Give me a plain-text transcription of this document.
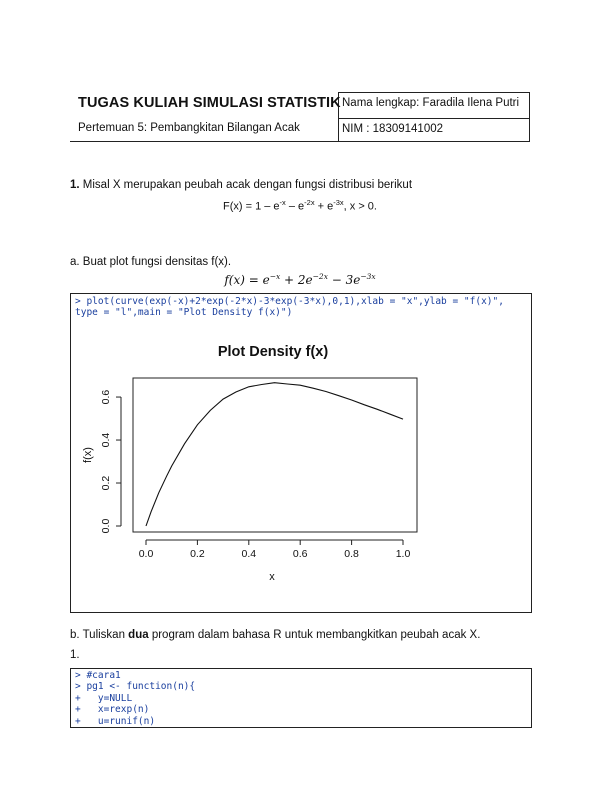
TUGAS KULIAH SIMULASI STATISTIK
Pertemuan 5: Pembangkitan Bilangan Acak
Nama lengkap: Faradila Ilena Putri
NIM : 18309141002
1. Misal X merupakan peubah acak dengan fungsi distribusi berikut
$F(x) = 1 - e^{-x} - e^{-2x} + e^{-3x}$, x > 0.
a. Buat plot fungsi densitas f(x).
$f(x) = e^{-x} + 2e^{-2x} - 3e^{-3x}$
> plot(curve(exp(-x)+2*exp(-2*x)-3*exp(-3*x),0,1),xlab = "x",ylab = "f(x)",
type = "l",main = "Plot Density f(x)")
Plot Density f(x)
0.0	0.2	0.4	0.6	0.8	1.0
0.0
0.2
0.4
0.6
x
f(x)
b. Tuliskan dua program dalam bahasa R untuk membangkitkan peubah acak X.
1.
> #cara1
> pg1 <- function(n){
+   y=NULL
+   x=rexp(n)
+   u=runif(n)
